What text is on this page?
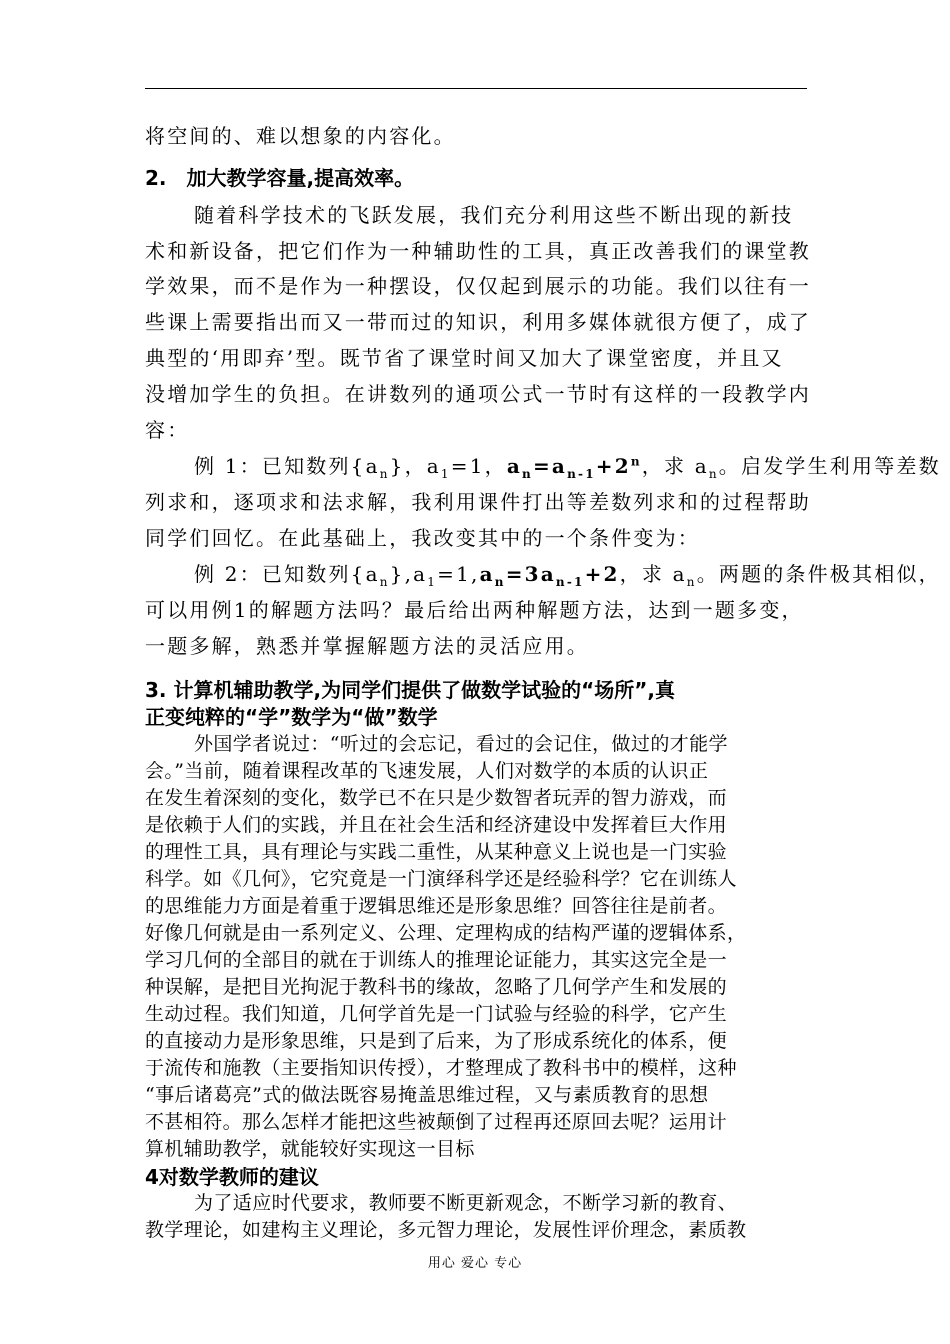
将空间的、难以想象的内容化。
2.　加大教学容量,提高效率。
随着科学技术的飞跃发展，我们充分利用这些不断出现的新技
术和新设备，把它们作为一种辅助性的工具，真正改善我们的课堂教
学效果，而不是作为一种摆设，仅仅起到展示的功能。我们以往有一
些课上需要指出而又一带而过的知识，利用多媒体就很方便了，成了
典型的‘用即弃’型。既节省了课堂时间又加大了课堂密度，并且又
没增加学生的负担。在讲数列的通项公式一节时有这样的一段教学内
容：
例 1：已知数列$\{a_n\}$，$a_1=1$，$a_n=a_{n-1}+2^n$，求 $a_n$。启发学生利用等差数
列求和，逐项求和法求解，我利用课件打出等差数列求和的过程帮助
同学们回忆。在此基础上，我改变其中的一个条件变为：
例 2：已知数列$\{a_n\},a_1=1,a_n=3a_{n-1}+2$，求 $a_n$。两题的条件极其相似，
可以用例1的解题方法吗？最后给出两种解题方法，达到一题多变，
一题多解，熟悉并掌握解题方法的灵活应用。
3. 计算机辅助教学,为同学们提供了做数学试验的“场所”,真
正变纯粹的“学”数学为“做”数学
外国学者说过：“听过的会忘记，看过的会记住，做过的才能学
会。”当前，随着课程改革的飞速发展，人们对数学的本质的认识正
在发生着深刻的变化，数学已不在只是少数智者玩弄的智力游戏，而
是依赖于人们的实践，并且在社会生活和经济建设中发挥着巨大作用
的理性工具，具有理论与实践二重性，从某种意义上说也是一门实验
科学。如《几何》，它究竟是一门演绎科学还是经验科学？它在训练人
的思维能力方面是着重于逻辑思维还是形象思维？回答往往是前者。
好像几何就是由一系列定义、公理、定理构成的结构严谨的逻辑体系，
学习几何的全部目的就在于训练人的推理论证能力，其实这完全是一
种误解，是把目光拘泥于教科书的缘故，忽略了几何学产生和发展的
生动过程。我们知道，几何学首先是一门试验与经验的科学，它产生
的直接动力是形象思维，只是到了后来，为了形成系统化的体系，便
于流传和施教（主要指知识传授），才整理成了教科书中的模样，这种
“事后诸葛亮”式的做法既容易掩盖思维过程，又与素质教育的思想
不甚相符。那么怎样才能把这些被颠倒了过程再还原回去呢？运用计
算机辅助教学，就能较好实现这一目标
4对数学教师的建议
为了适应时代要求，教师要不断更新观念，不断学习新的教育、
教学理论，如建构主义理论，多元智力理论，发展性评价理念，素质教
用心 爱心 专心
